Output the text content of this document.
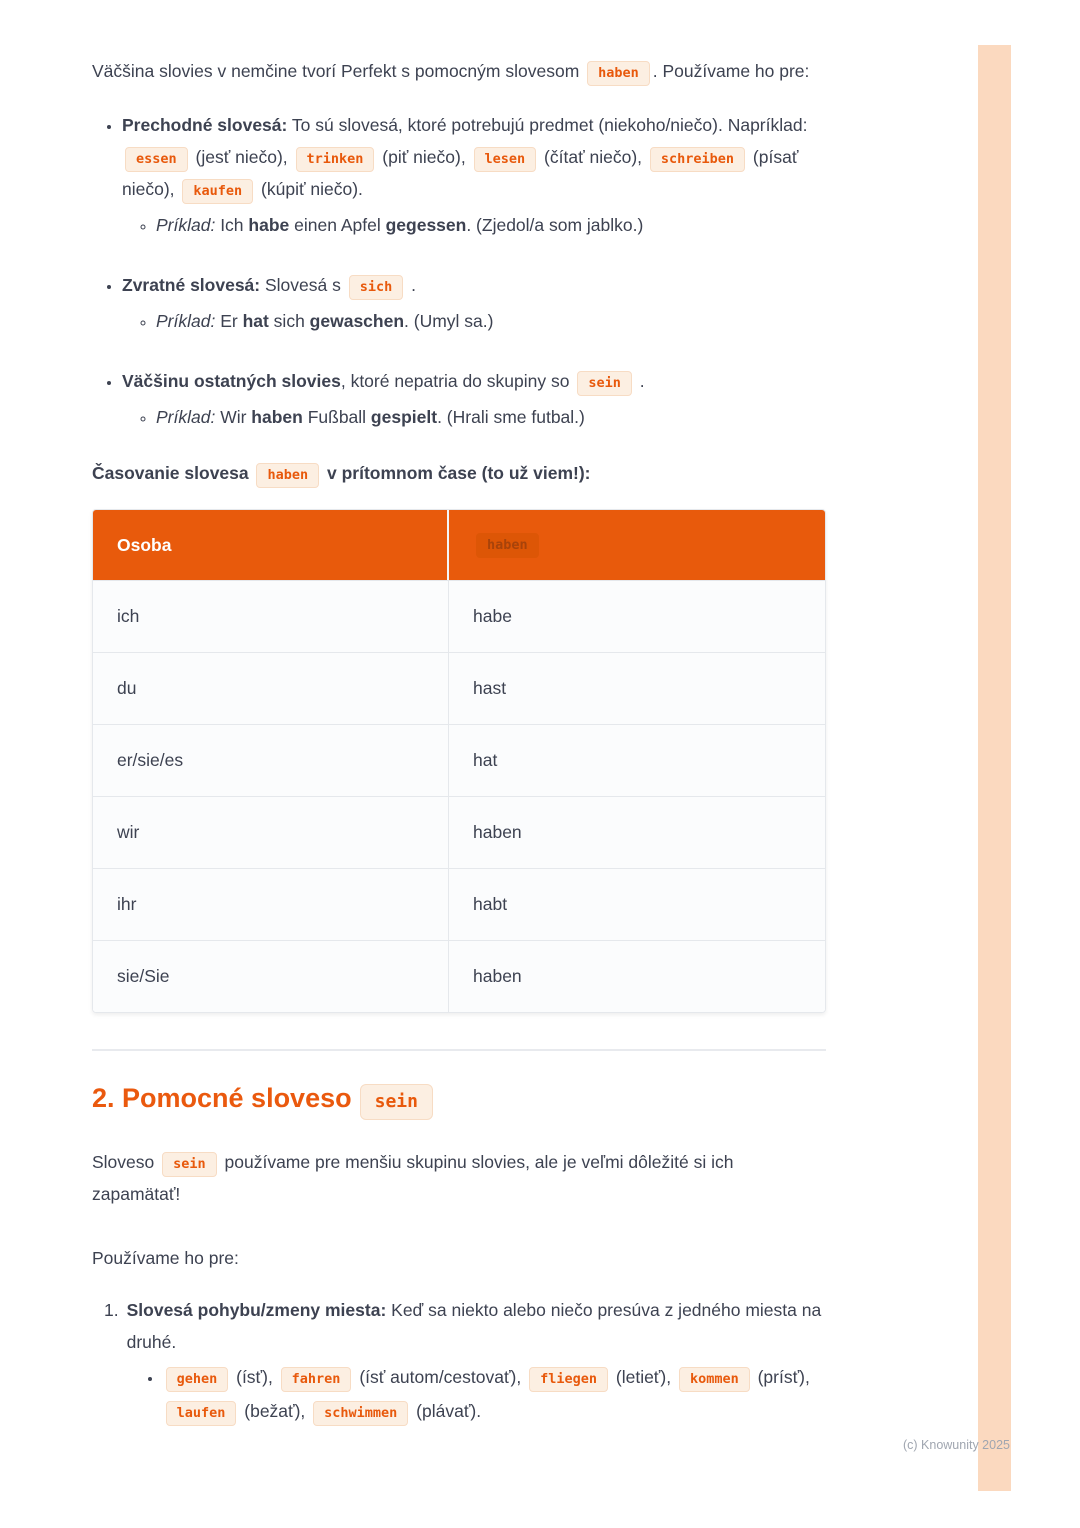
Väčšina slovies v nemčine tvorí Perfekt s pomocným slovesom haben . Používame ho pre:

• Prechodné slovesá: To sú slovesá, ktoré potrebujú predmet (niekoho/niečo). Napríklad: essen (jesť niečo), trinken (piť niečo), lesen (čítať niečo), schreiben (písať niečo), kaufen (kúpiť niečo).

◦ Príklad: Ich habe einen Apfel gegessen. (Zjedol/a som jablko.)

• Zvratné slovesá: Slovesá s sich .

◦ Príklad: Er hat sich gewaschen. (Umyl sa.)

• Väčšinu ostatných slovies, ktoré nepatria do skupiny so sein .

◦ Príklad: Wir haben Fußball gespielt. (Hrali sme futbal.)

Časovanie slovesa haben v prítomnom čase (to už viem!):

Osoba	haben
ich	habe
du	hast
er/sie/es	hat
wir	haben
ihr	habt
sie/Sie	haben
2. Pomocné sloveso sein

Sloveso sein používame pre menšiu skupinu slovies, ale je veľmi dôležité si ich zapamätať!

Používame ho pre:

1. Slovesá pohybu/zmeny miesta: Keď sa niekto alebo niečo presúva z jedného miesta na druhé.

• gehen (ísť), fahren (ísť autom/cestovať), fliegen (letieť), kommen (prísť), laufen (bežať), schwimmen (plávať).

(c) Knowunity 2025
